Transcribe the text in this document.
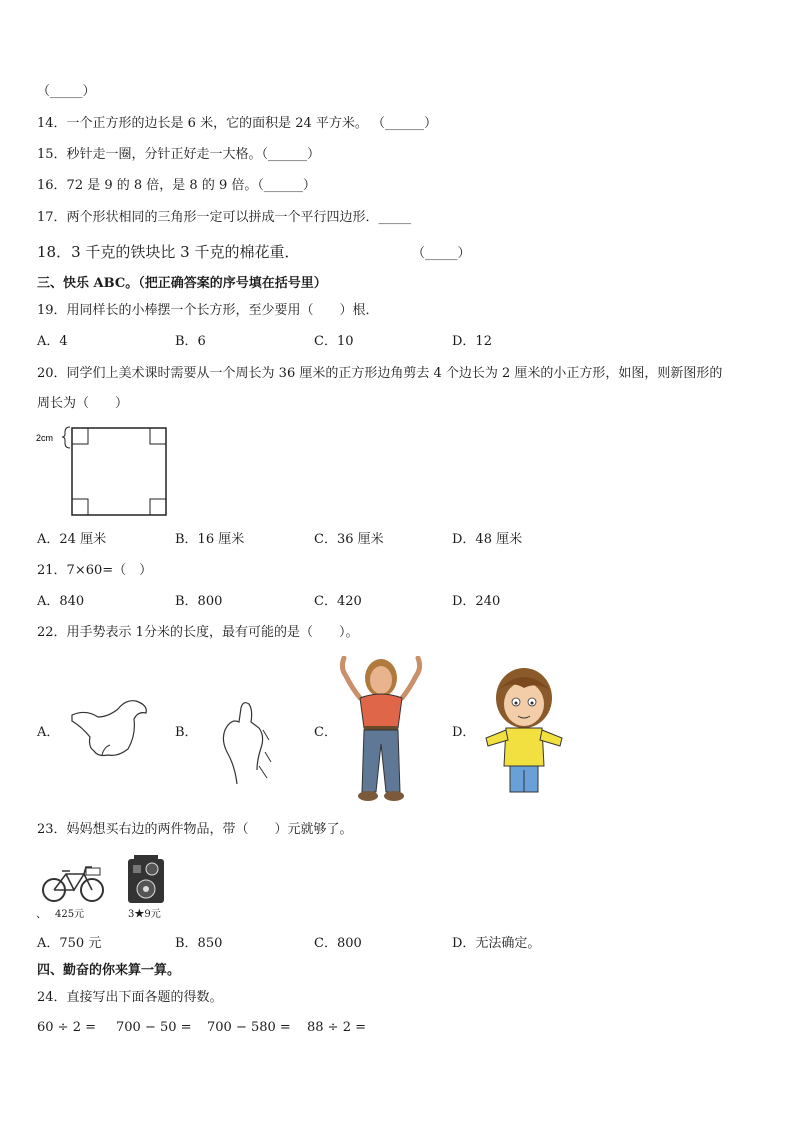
（_____）
14．一个正方形的边长是 6 米，它的面积是 24 平方米。 （______）
15．秒针走一圈，分针正好走一大格。（______）
16．72 是 9 的 8 倍，是 8 的 9 倍。（______）
17．两个形状相同的三角形一定可以拼成一个平行四边形．_____
18．3 千克的铁块比 3 千克的棉花重．	（_____）
三、快乐 ABC。（把正确答案的序号填在括号里）
19．用同样长的小棒摆一个长方形，至少要用（　　）根．
A．4	B．6	C．10	D．12
20．同学们上美术课时需要从一个周长为 36 厘米的正方形边角剪去 4 个边长为 2 厘米的小正方形，如图，则新图形的
周长为（　　）
2cm
A．24 厘米	B．16 厘米	C．36 厘米	D．48 厘米
21．7×60=（　）
A．840	B．800	C．420	D．240
22．用手势表示 1分米的长度，最有可能的是（　　）。
A．	B．	C．	D．
23．妈妈想买右边的两件物品，带（　　）元就够了。
、 425元	3★9元
A．750 元	B．850	C．800	D．无法确定。
四、勤奋的你来算一算。
24．直接写出下面各题的得数。
60 ÷ 2 = 700 − 50 = 700 − 580 = 88 ÷ 2 =
